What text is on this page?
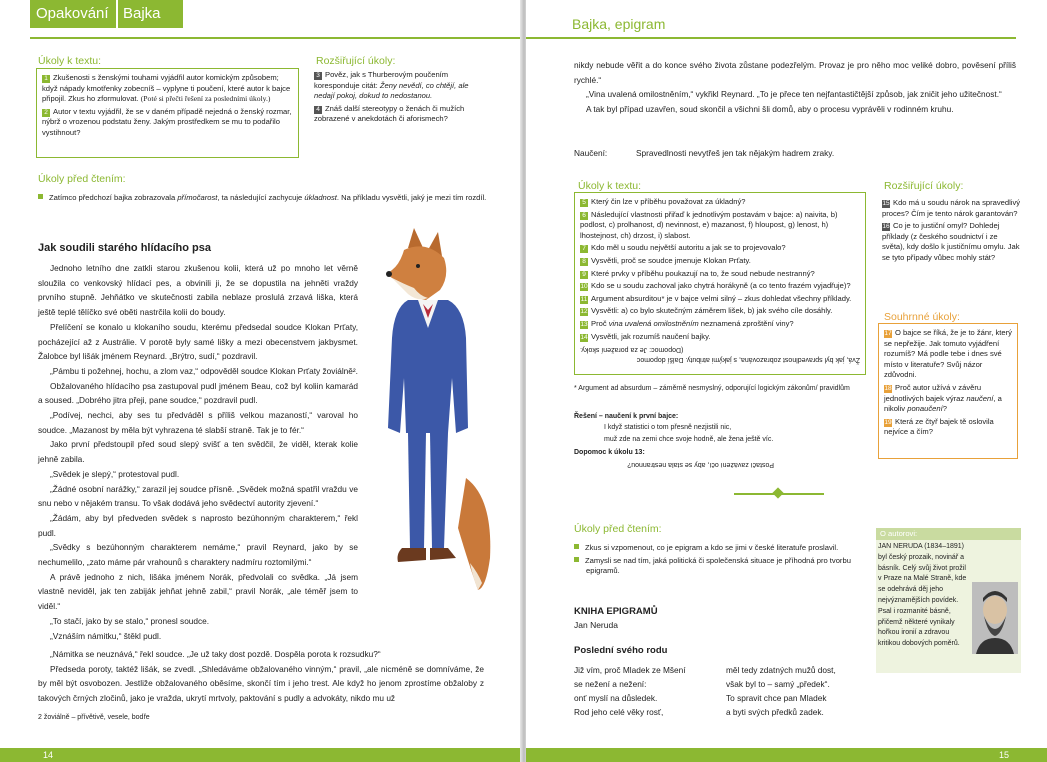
Opakování Bajka
Úkoly k textu:

1 Zkušenosti s ženskými touhami vyjádřil autor komickým způsobem; když nápady kmotřenky zobecníš – vyplyne ti poučení, které autor k bajce připojil. Zkus ho zformulovat. (Poté si přečti řešení za posledními úkoly.)

2 Autor v textu vyjádřil, že se v daném případě nejedná o ženský rozmar, nýbrž o vrozenou podstatu ženy. Jakým prostředkem se mu to podařilo vystihnout?

Rozšiřující úkoly:

3 Pověz, jak s Thurberovým poučením koresponduje citát: Ženy nevědí, co chtějí, ale nedají pokoj, dokud to nedostanou.

4 Znáš další stereotypy o ženách či mužích zobrazené v anekdotách či aforismech?

Úkoly před čtením:
Zatímco předchozí bajka zobrazovala přímočarost, ta následující zachycuje úkladnost. Na příkladu vysvětli, jaký je mezi tím rozdíl.
Jak soudili starého hlídacího psa

Jednoho letního dne zatkli starou zkušenou kolii, která už po mnoho let věrně sloužila co venkovský hlídací pes, a obvinili ji, že se dopustila na jehněti vraždy prvního stupně. Jehňátko ve skutečnosti zabila neblaze proslulá zrzavá liška, která ještě teplé tělíčko své oběti nastrčila kolii do boudy.

Přelíčení se konalo u klokaního soudu, kterému předsedal soudce Klokan Prťaty, pocházející až z Austrálie. V porotě byly samé lišky a mezi obecenstvem jakbysmet. Žalobce byl lišák jménem Reynard. „Brýtro, sudí,“ pozdravil.

„Pámbu ti požehnej, hochu, a zlom vaz,“ odpověděl soudce Klokan Prťaty žoviálně².

Obžalovaného hlídacího psa zastupoval pudl jménem Beau, což byl koliin kamarád a soused. „Dobrého jitra přeji, pane soudce,“ pozdravil pudl.

„Podívej, nechci, aby ses tu předváděl s příliš velkou mazaností,“ varoval ho soudce. „Mazanost by měla být vyhrazena té slabší straně. Tak je to fér.“

Jako první předstoupil před soud slepý svišť a ten svědčil, že viděl, kterak kolie jehně zabila.

„Svědek je slepý,“ protestoval pudl.

„Žádné osobní narážky,“ zarazil jej soudce přísně. „Svědek možná spatřil vraždu ve snu nebo v nějakém transu. To však dodává jeho svědectví autority zjevení.“

„Žádám, aby byl předveden svědek s naprosto bezúhonným charakterem,“ řekl pudl.

„Svědky s bezúhonným charakterem nemáme,“ pravil Reynard, jako by se nechumelilo, „zato máme pár vrahounů s charaktery nadmíru roztomilými.“

A právě jednoho z nich, lišáka jménem Norák, předvolali co svědka. „Já jsem vlastně neviděl, jak ten zabiják jehňat jehně zabil,“ pravil Norák, „ale téměř jsem to viděl.“

„To stačí, jako by se stalo,“ pronesl soudce.

„Vznáším námitku,“ štěkl pudl.

„Námitka se neuznává,“ řekl soudce. „Je už taky dost pozdě. Dospěla porota k rozsudku?“

Předseda poroty, taktéž lišák, se zvedl. „Shledáváme obžalovaného vinným,“ pravil, „ale nicméně se domníváme, že by měl být osvobozen. Jestliže obžalovaného oběsíme, skončí tím i jeho trest. Ale když ho jenom zprostíme obžaloby z takových črných zločinů, jako je vražda, ukrytí mrtvoly, paktování s pudly a advokáty, nikdo mu už

2 žoviálně – přívětivě, vesele, bodře
14
Bajka, epigram

nikdy nebude věřit a do konce svého života zůstane podezřelým. Provaz je pro něho moc veliké dobro, pověsení příliš rychlé.“

„Vina uvalená omilostněním,“ vykřikl Reynard. „To je přece ten nejfantastičtější způsob, jak zničit jeho užitečnost.“

A tak byl případ uzavřen, soud skončil a všichni šli domů, aby o procesu vyprávěli v rodinném kruhu.

Naučení:	Spravedlnosti nevytřeš jen tak nějakým hadrem zraky.
Úkoly k textu:

5 Který čin lze v příběhu považovat za úkladný?

6 Následující vlastnosti přiřaď k jednotlivým postavám v bajce: a) naivita, b) podlost, c) prolhanost, d) nevinnost, e) mazanost, f) hloupost, g) lenost, h) lhostejnost, ch) drzost, i) slabost.

7 Kdo měl u soudu největší autoritu a jak se to projevovalo?

8 Vysvětli, proč se soudce jmenuje Klokan Prťaty.

9 Které prvky v příběhu poukazují na to, že soud nebude nestranný?

10 Kdo se u soudu zachoval jako chytrá horákyně (a co tento frazém vyjadřuje)?

11 Argument absurditou* je v bajce velmi silný – zkus dohledat všechny příklady.

12 Vysvětli: a) co bylo skutečným záměrem lišek, b) jak svého cíle dosáhly.

13 Proč vina uvalená omilostněním neznamená zproštění viny?

14 Vysvětli, jak rozumíš naučení bajky.

Žvá, jak byl spravedlnost zobrazována, s jakými atributy. Další dopomoc
(Dopomoc: Je za poražení skoky.
Rozšiřující úkoly:

15 Kdo má u soudu nárok na spravedlivý proces? Čím je tento nárok garantován?

16 Co je to justiční omyl? Dohledej příklady (z českého soudnictví i ze světa), kdy došlo k justičnímu omylu. Jak se tyto případy vůbec mohly stát?

Souhrnné úkoly:

17 O bajce se říká, že je to žánr, který se nepřežije. Jak tomuto vyjádření rozumíš? Má podle tebe i dnes své místo v literatuře? Svůj názor zdůvodni.

18 Proč autor užívá v závěru jednotlivých bajek výraz naučení, a nikoliv ponaučení?

19 Která ze čtyř bajek tě oslovila nejvíce a čím?

* Argument ad absurdum – záměrně nesmyslný, odporující logickým zákonům/ pravidlům
Řešení – naučení k první bajce:
I když statistici o tom přesně nezjistili nic,
muž zde na zemi chce svoje hodně, ale žena ještě víc.
Dopomoc k úkolu 13:
Postačí zavážení očí, aby se stala nestrannou?
Úkoly před čtením:
Zkus si vzpomenout, co je epigram a kdo se jimi v české literatuře proslavil.
Zamysli se nad tím, jaká politická či společenská situace je příhodná pro tvorbu epigramů.
O autorovi:
JAN NERUDA (1834–1891) byl český prozaik, novinář a básník. Celý svůj život prožil v Praze na Malé Straně, kde se odehrává děj jeho nejvýznamějších povídek. Psal i rozmanité básně, přičemž některé vynikaly hořkou ironií a zdravou kritikou dobových poměrů.
KNIHA EPIGRAMŮ
Jan Neruda
Poslední svého rodu
Již vím, proč Mladek ze Mšení
se nežení a nežení:
onť myslí na důsledek.
Rod jeho celé věky rosť,
měl tedy zdatných mužů dost,
však byl to – samý „předek“.
To spravit chce pan Mladek
a byti svých předků zadek.
15
